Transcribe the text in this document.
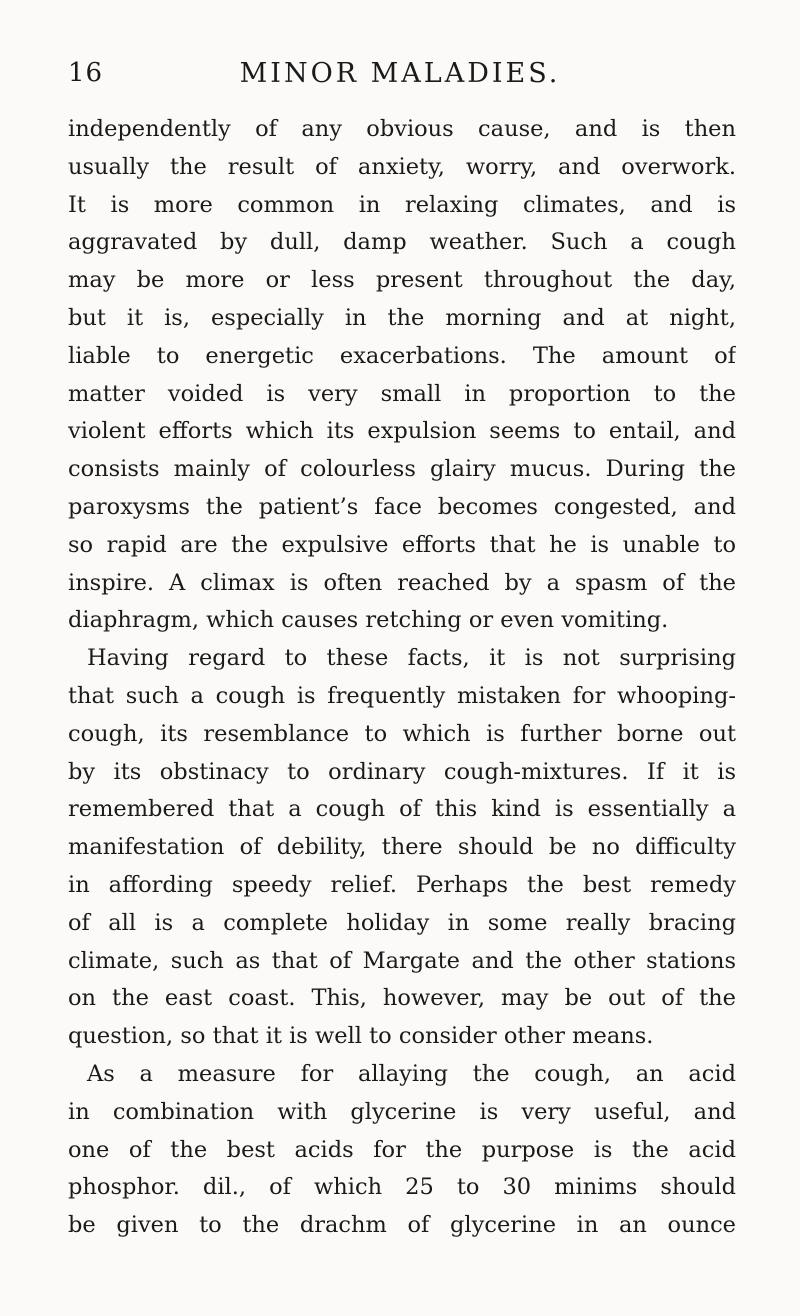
16	MINOR MALADIES.
independently of any obvious cause, and is then
usually the result of anxiety, worry, and overwork.
It is more common in relaxing climates, and is
aggravated by dull, damp weather. Such a cough
may be more or less present throughout the day,
but it is, especially in the morning and at night,
liable to energetic exacerbations. The amount of
matter voided is very small in proportion to the
violent efforts which its expulsion seems to entail, and
consists mainly of colourless glairy mucus. During the
paroxysms the patient’s face becomes congested, and
so rapid are the expulsive efforts that he is unable to
inspire. A climax is often reached by a spasm of the
diaphragm, which causes retching or even vomiting.
Having regard to these facts, it is not surprising
that such a cough is frequently mistaken for whooping-
cough, its resemblance to which is further borne out
by its obstinacy to ordinary cough-mixtures. If it is
remembered that a cough of this kind is essentially a
manifestation of debility, there should be no difficulty
in affording speedy relief. Perhaps the best remedy
of all is a complete holiday in some really bracing
climate, such as that of Margate and the other stations
on the east coast. This, however, may be out of the
question, so that it is well to consider other means.
As a measure for allaying the cough, an acid
in combination with glycerine is very useful, and
one of the best acids for the purpose is the acid
phosphor. dil., of which 25 to 30 minims should
be given to the drachm of glycerine in an ounce
